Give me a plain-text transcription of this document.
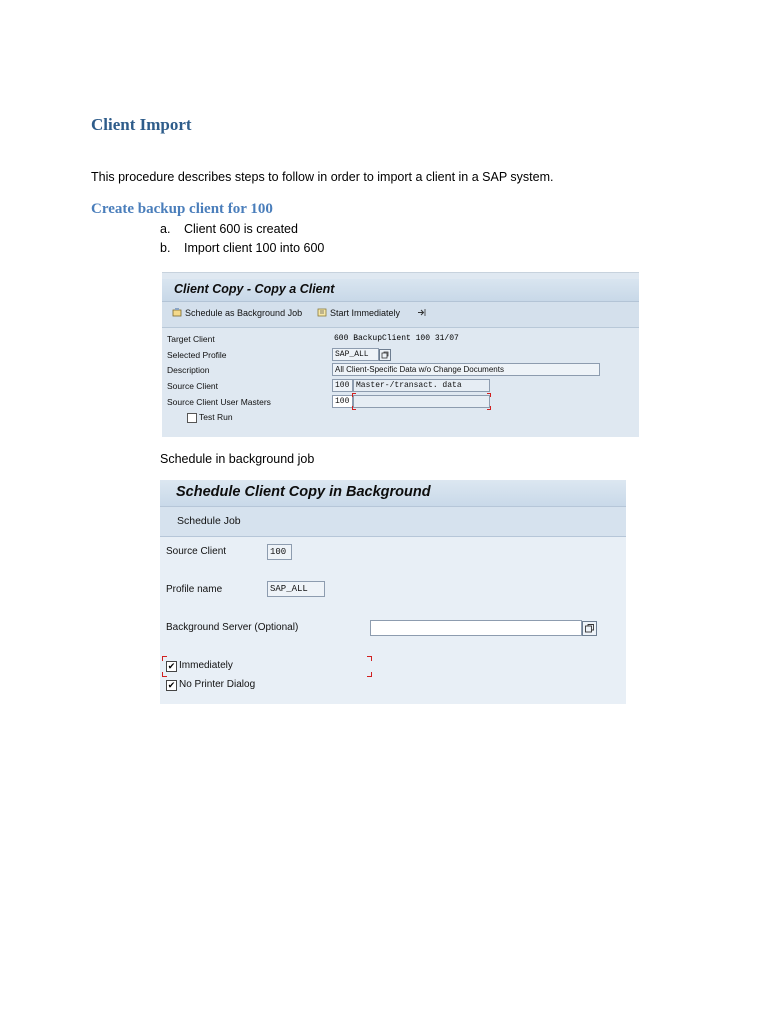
Client Import
This procedure describes steps to follow in order to import a client in a SAP system.
Create backup client for 100
a. Client 600 is created
b. Import client 100 into 600
Client Copy - Copy a Client
Schedule as Background Job	Start Immediately
Target Client	600 BackupClient 100 31/07
Selected Profile	SAP_ALL
Description	All Client-Specific Data w/o Change Documents
Source Client	100 Master-/transact. data
Source Client User Masters	100
Test Run
Schedule in background job
Schedule Client Copy in Background
Schedule Job
Source Client	100
Profile name	SAP_ALL
Background Server (Optional)
✔ Immediately
✔ No Printer Dialog
